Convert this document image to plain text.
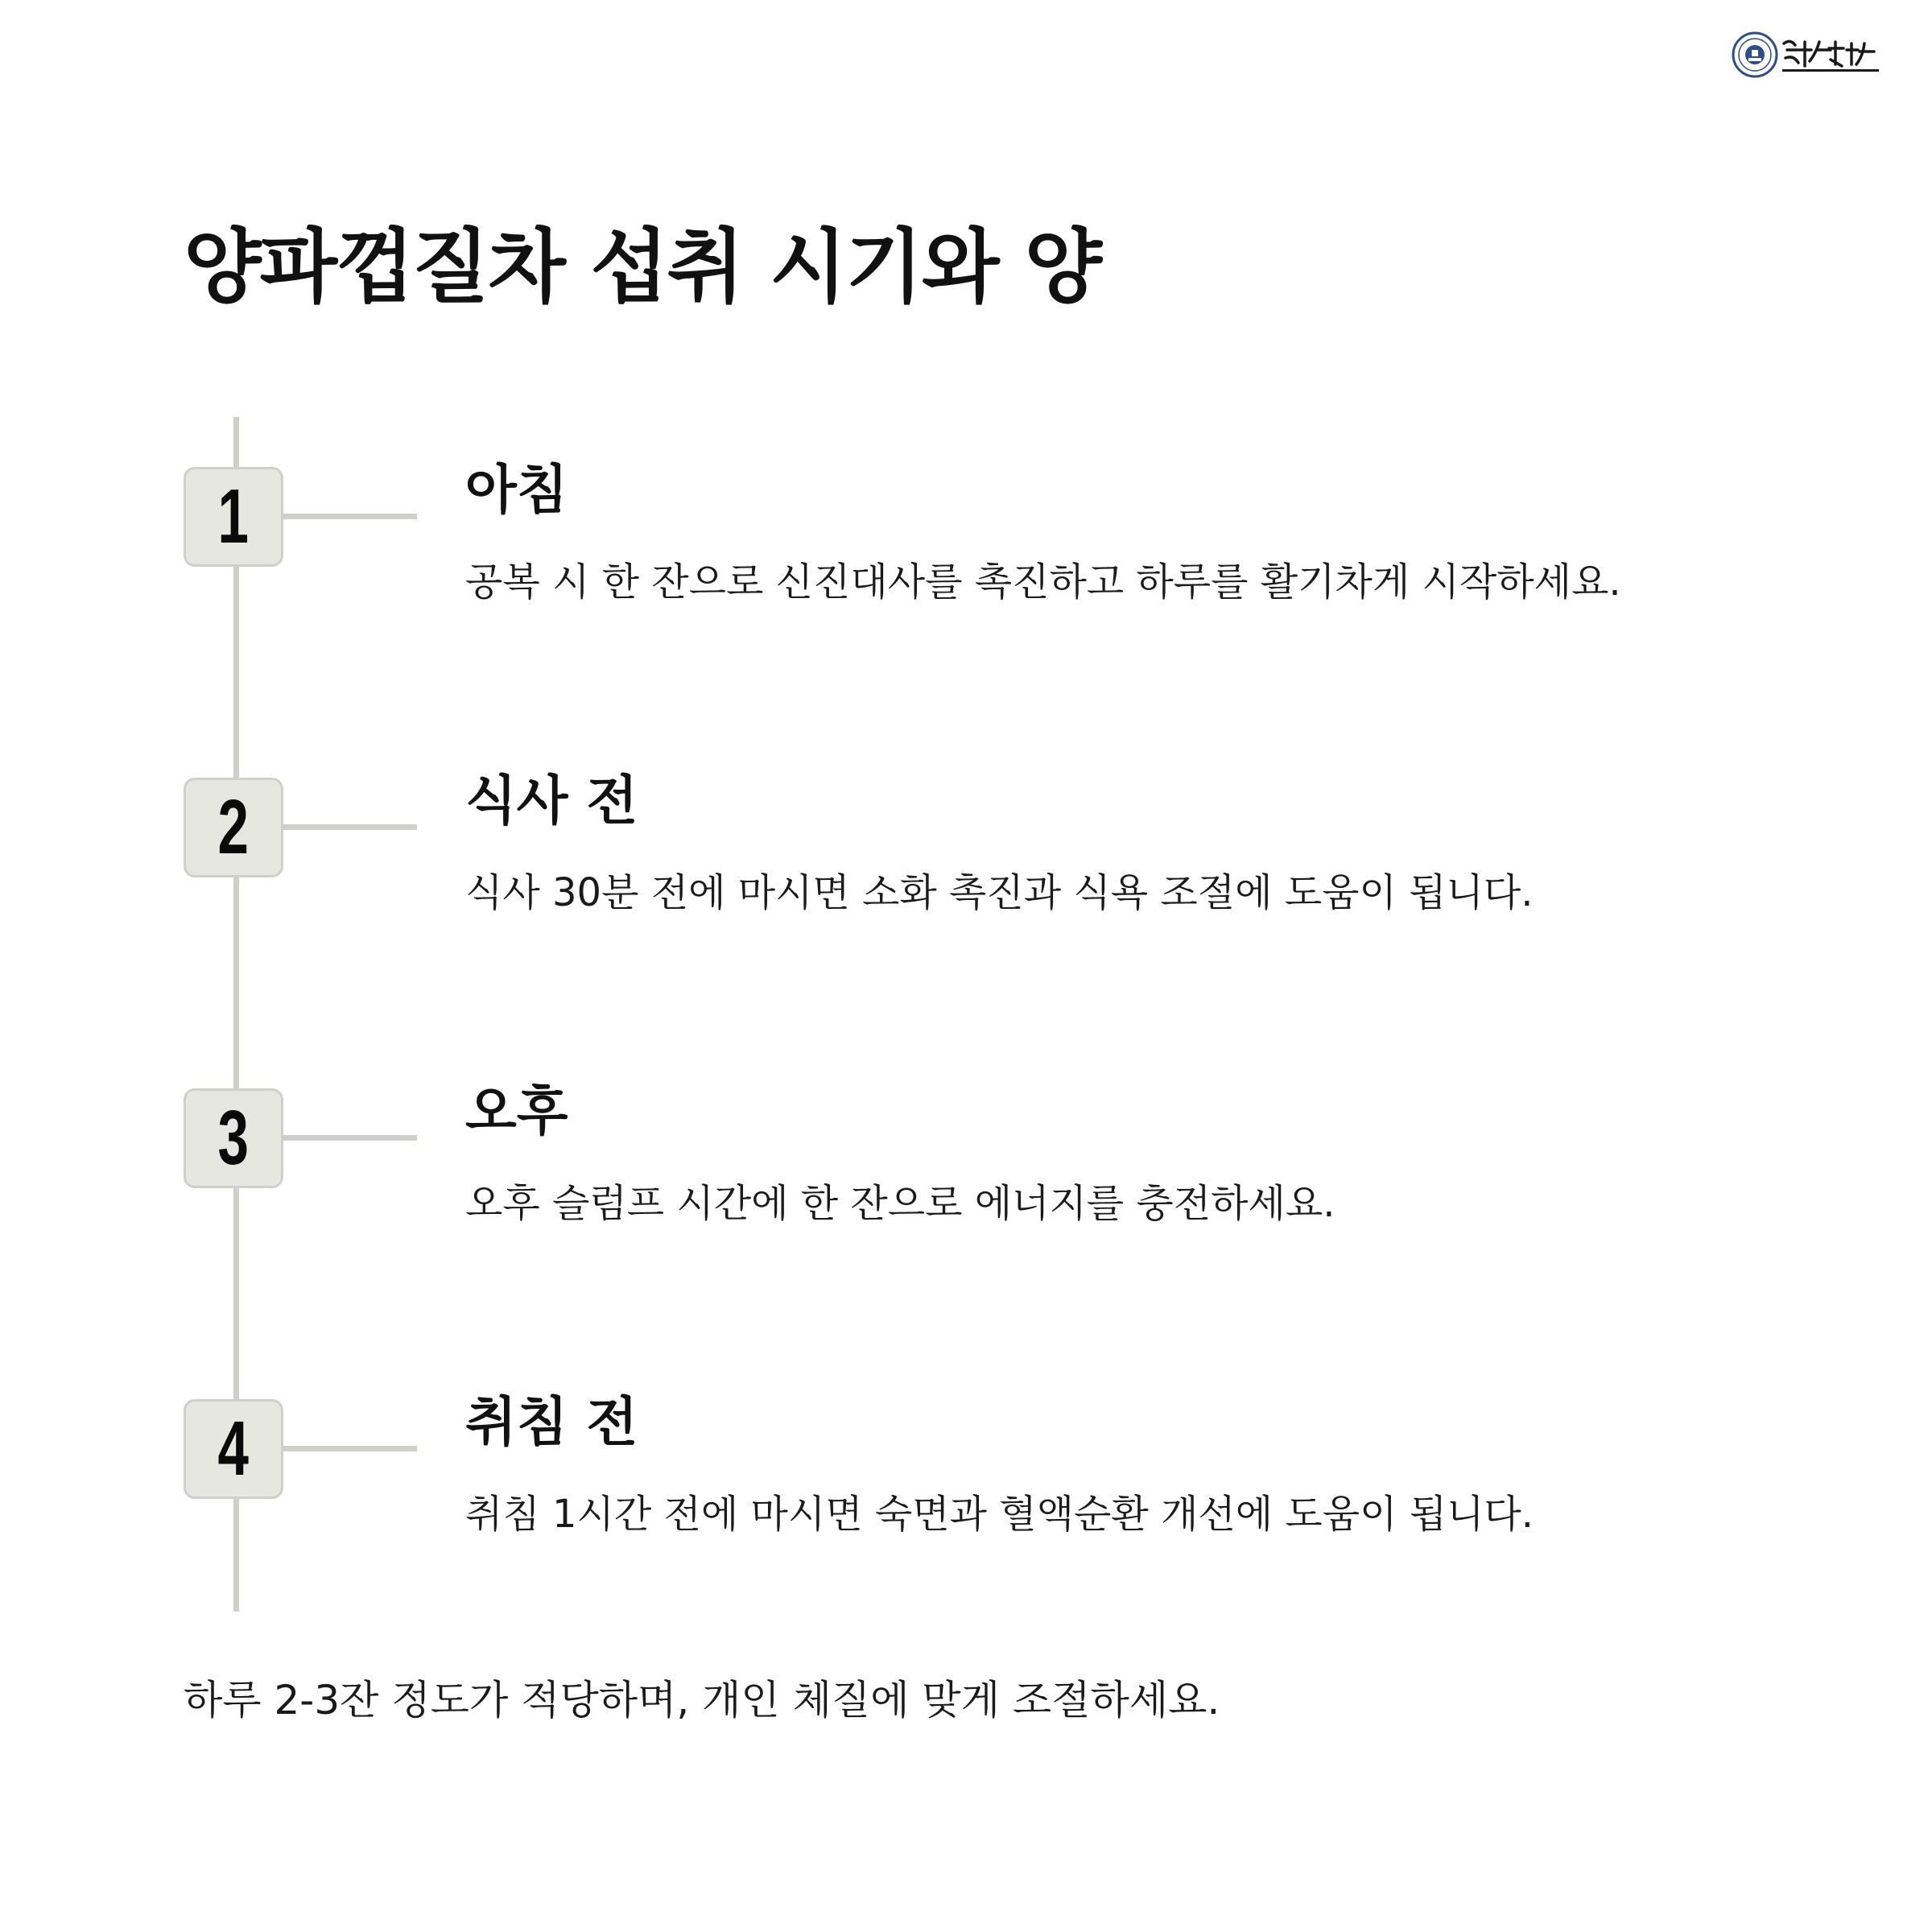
양파껍질차 섭취 시기와 양
1	아침
공복 시 한 잔으로 신진대사를 촉진하고 하루를 활기차게 시작하세요.
2	식사 전
식사 30분 전에 마시면 소화 촉진과 식욕 조절에 도움이 됩니다.
3	오후
오후 슬럼프 시간에 한 잔으로 에너지를 충전하세요.
4	취침 전
취침 1시간 전에 마시면 숙면과 혈액순환 개선에 도움이 됩니다.
하루 2-3잔 정도가 적당하며, 개인 체질에 맞게 조절하세요.
